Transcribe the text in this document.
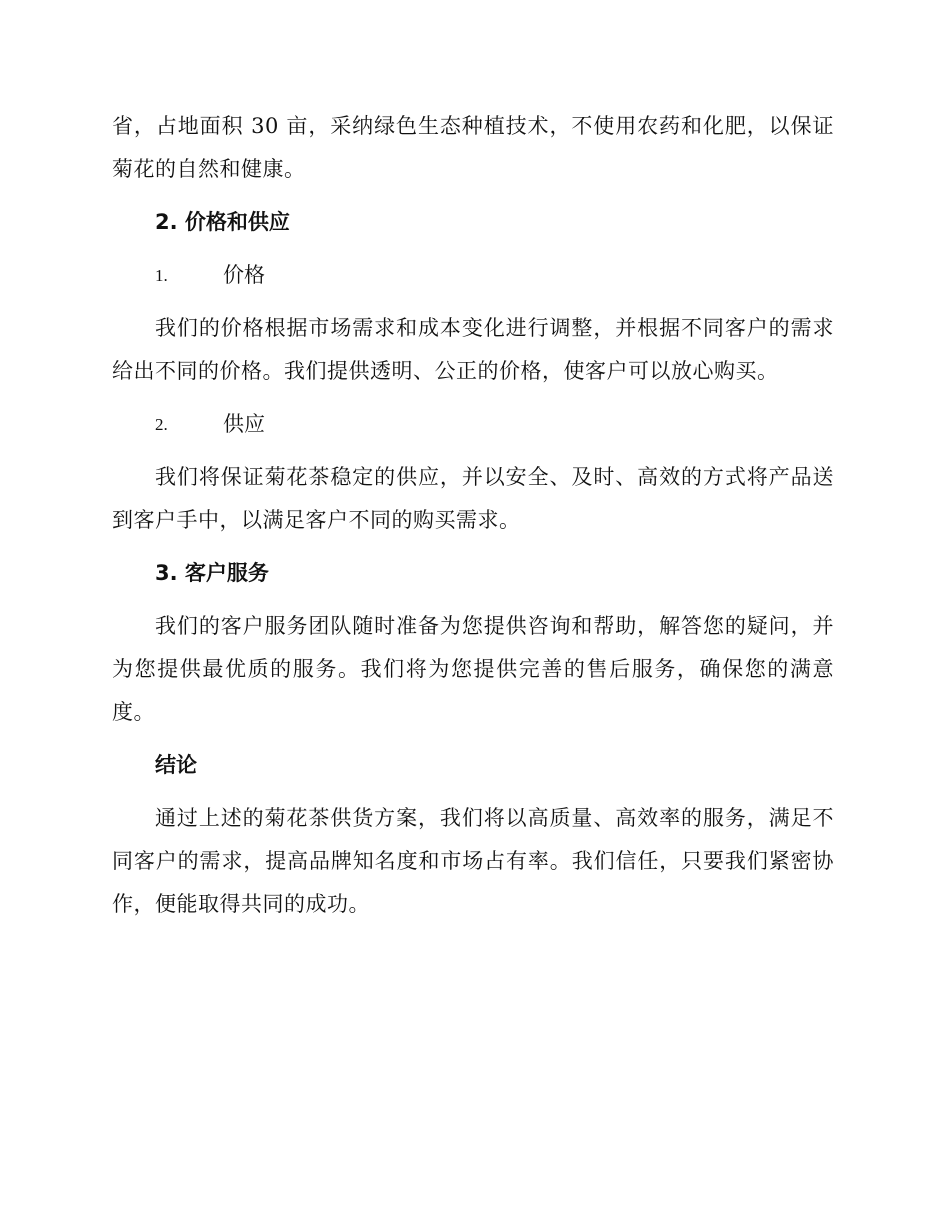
省，占地面积 30 亩，采纳绿色生态种植技术，不使用农药和化肥，以保证菊花的自然和健康。

2. 价格和供应
1.	价格

我们的价格根据市场需求和成本变化进行调整，并根据不同客户的需求给出不同的价格。我们提供透明、公正的价格，使客户可以放心购买。

2.	供应

我们将保证菊花茶稳定的供应，并以安全、及时、高效的方式将产品送到客户手中，以满足客户不同的购买需求。

3. 客户服务

我们的客户服务团队随时准备为您提供咨询和帮助，解答您的疑问，并为您提供最优质的服务。我们将为您提供完善的售后服务，确保您的满意度。

结论

通过上述的菊花茶供货方案，我们将以高质量、高效率的服务，满足不同客户的需求，提高品牌知名度和市场占有率。我们信任，只要我们紧密协作，便能取得共同的成功。
